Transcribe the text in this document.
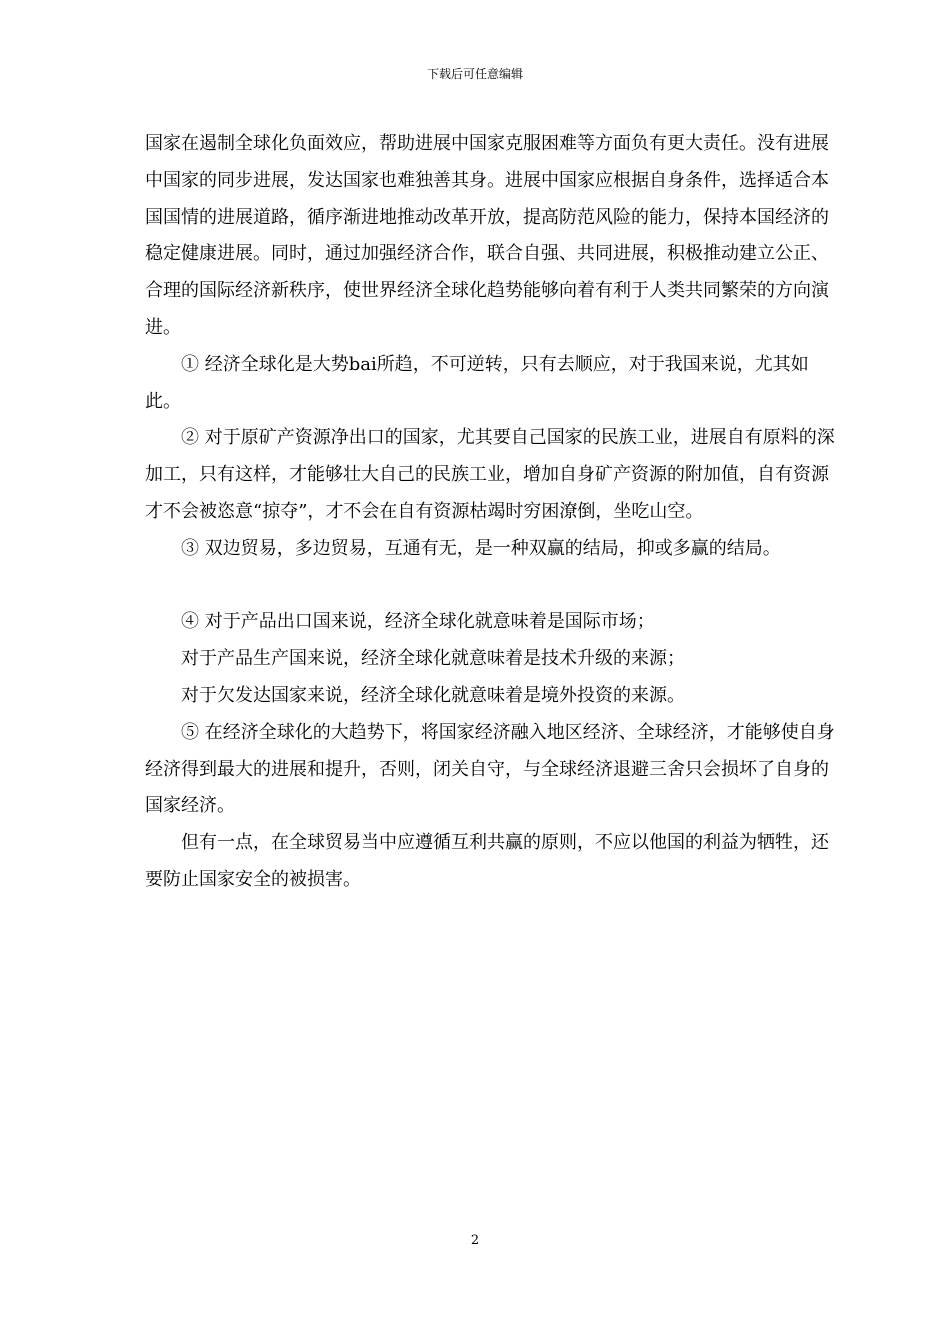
下载后可任意编辑

国家在遏制全球化负面效应，帮助进展中国家克服困难等方面负有更大责任。没有进展中国家的同步进展，发达国家也难独善其身。进展中国家应根据自身条件，选择适合本国国情的进展道路，循序渐进地推动改革开放，提高防范风险的能力，保持本国经济的稳定健康进展。同时，通过加强经济合作，联合自强、共同进展，积极推动建立公正、合理的国际经济新秩序，使世界经济全球化趋势能够向着有利于人类共同繁荣的方向演进。

① 经济全球化是大势bai所趋，不可逆转，只有去顺应，对于我国来说，尤其如此。

② 对于原矿产资源净出口的国家，尤其要自己国家的民族工业，进展自有原料的深加工，只有这样，才能够壮大自己的民族工业，增加自身矿产资源的附加值，自有资源才不会被恣意“掠夺”，才不会在自有资源枯竭时穷困潦倒，坐吃山空。

③ 双边贸易，多边贸易，互通有无，是一种双赢的结局，抑或多赢的结局。

④ 对于产品出口国来说，经济全球化就意味着是国际市场；

对于产品生产国来说，经济全球化就意味着是技术升级的来源；

对于欠发达国家来说，经济全球化就意味着是境外投资的来源。

⑤ 在经济全球化的大趋势下，将国家经济融入地区经济、全球经济，才能够使自身经济得到最大的进展和提升，否则，闭关自守，与全球经济退避三舍只会损坏了自身的国家经济。

但有一点，在全球贸易当中应遵循互利共赢的原则，不应以他国的利益为牺牲，还要防止国家安全的被损害。

2
